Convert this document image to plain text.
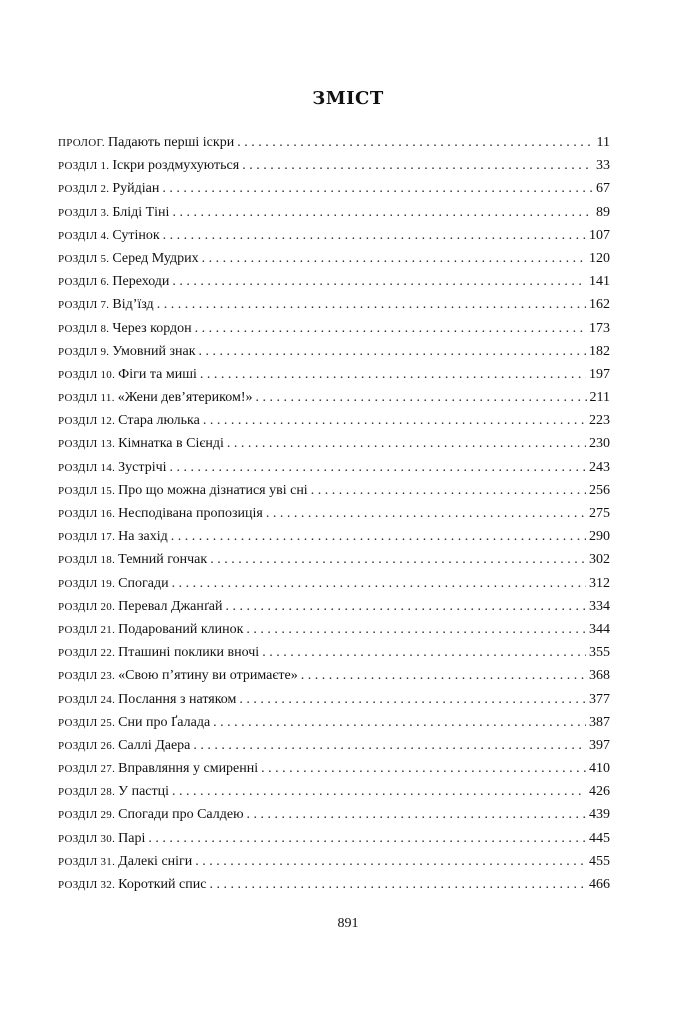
ЗМІСТ
ПРОЛОГ. Падають перші іскри . . .	11
РОЗДІЛ 1. Іскри роздмухуються . . .	33
РОЗДІЛ 2. Руйдіан . . .	67
РОЗДІЛ 3. Бліді Тіні . . .	89
РОЗДІЛ 4. Сутінок . . .	107
РОЗДІЛ 5. Серед Мудрих . . .	120
РОЗДІЛ 6. Переходи . . .	141
РОЗДІЛ 7. Від’їзд . . .	162
РОЗДІЛ 8. Через кордон . . .	173
РОЗДІЛ 9. Умовний знак . . .	182
РОЗДІЛ 10. Фіги та миші . . .	197
РОЗДІЛ 11. «Жени дев’ятериком!» . . .	211
РОЗДІЛ 12. Стара люлька . . .	223
РОЗДІЛ 13. Кімнатка в Сієнді . . .	230
РОЗДІЛ 14. Зустрічі . . .	243
РОЗДІЛ 15. Про що можна дізнатися уві сні . . .	256
РОЗДІЛ 16. Несподівана пропозиція . . .	275
РОЗДІЛ 17. На захід . . .	290
РОЗДІЛ 18. Темний гончак . . .	302
РОЗДІЛ 19. Спогади . . .	312
РОЗДІЛ 20. Перевал Джанґай . . .	334
РОЗДІЛ 21. Подарований клинок . . .	344
РОЗДІЛ 22. Пташині поклики вночі . . .	355
РОЗДІЛ 23. «Свою п’ятину ви отримаєте» . . .	368
РОЗДІЛ 24. Послання з натяком . . .	377
РОЗДІЛ 25. Сни про Ґалада . . .	387
РОЗДІЛ 26. Саллі Даера . . .	397
РОЗДІЛ 27. Вправляння у смиренні . . .	410
РОЗДІЛ 28. У пастці . . .	426
РОЗДІЛ 29. Спогади про Салдею . . .	439
РОЗДІЛ 30. Парі . . .	445
РОЗДІЛ 31. Далекі сніги . . .	455
РОЗДІЛ 32. Короткий спис . . .	466
891
